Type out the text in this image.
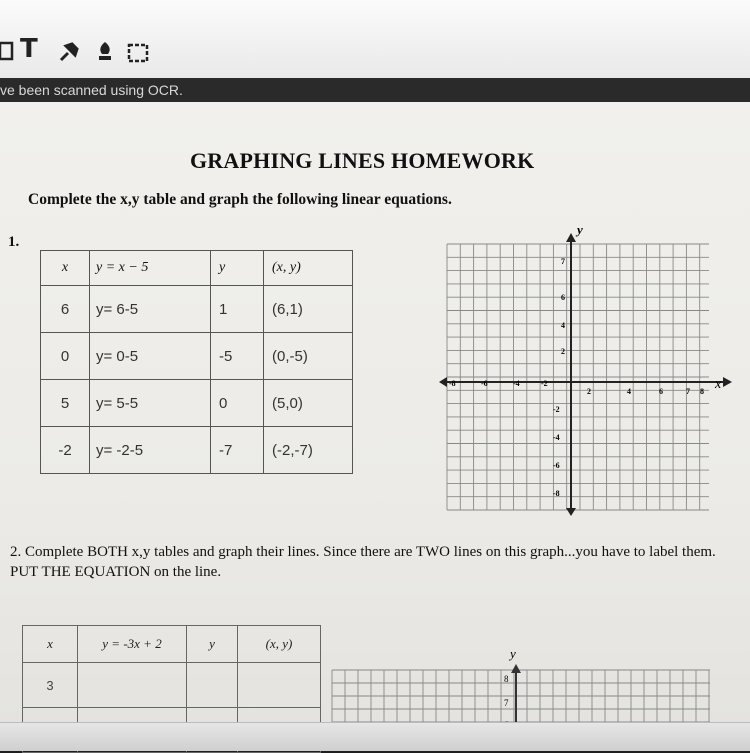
T
ve been scanned using OCR.
GRAPHING LINES HOMEWORK
Complete the x,y table and graph the following linear equations.
1.
x	y = x − 5	y	(x, y)
6	y= 6-5	1	(6,1)
0	y= 0-5	-5	(0,-5)
5	y= 5-5	0	(5,0)
-2	y= -2-5	-7	(-2,-7)
x
y
2	4	6	7 8
-8	-6	-4	-2
7
6
4
2
-2
-4
-6
-8
2. Complete BOTH x,y tables and graph their lines. Since there are TWO lines on this graph...you have to label them. PUT THE EQUATION on the line.
x	y = -3x + 2	y	(x, y)
3			

y
8
7
